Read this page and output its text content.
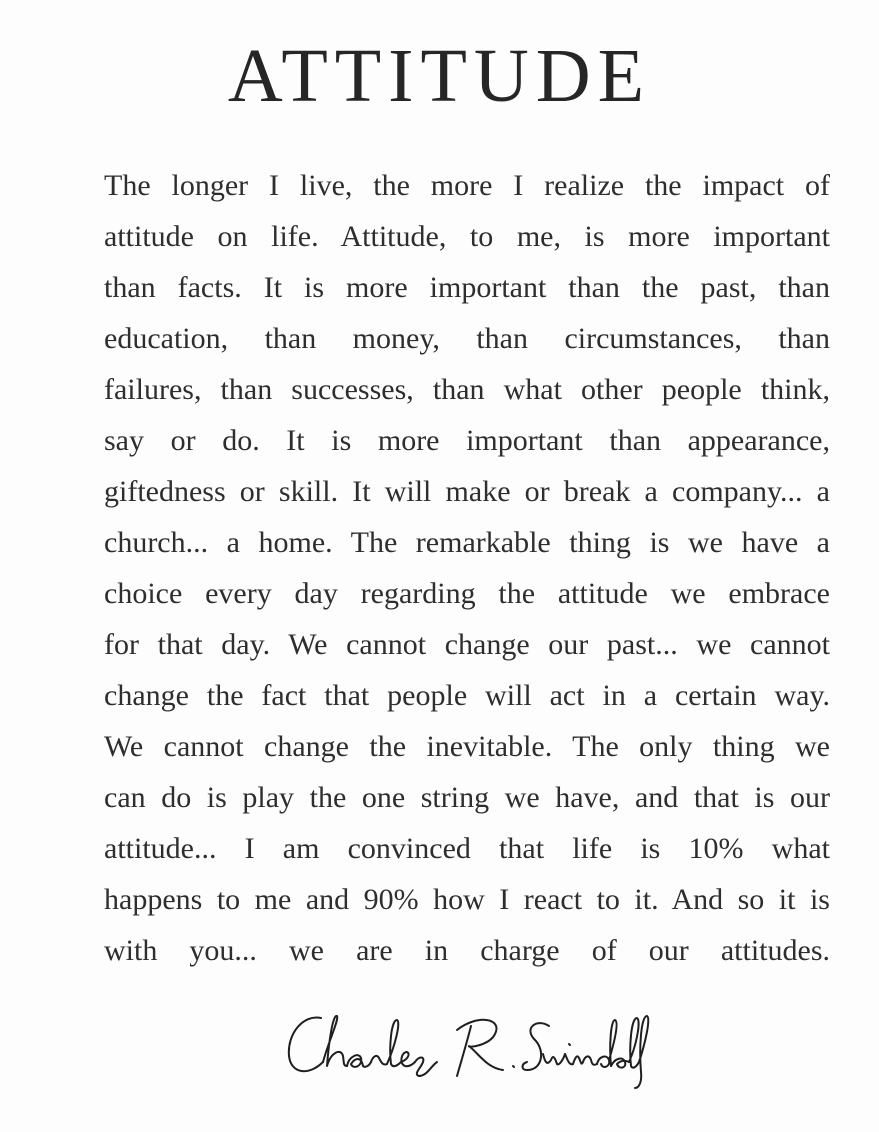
ATTITUDE
The longer I live, the more I realize the impact of
attitude on life. Attitude, to me, is more important
than facts. It is more important than the past, than
education, than money, than circumstances, than
failures, than successes, than what other people think,
say or do. It is more important than appearance,
giftedness or skill. It will make or break a company... a
church... a home. The remarkable thing is we have a
choice every day regarding the attitude we embrace
for that day. We cannot change our past... we cannot
change the fact that people will act in a certain way.
We cannot change the inevitable. The only thing we
can do is play the one string we have, and that is our
attitude... I am convinced that life is 10% what
happens to me and 90% how I react to it. And so it is
with you... we are in charge of our attitudes.
